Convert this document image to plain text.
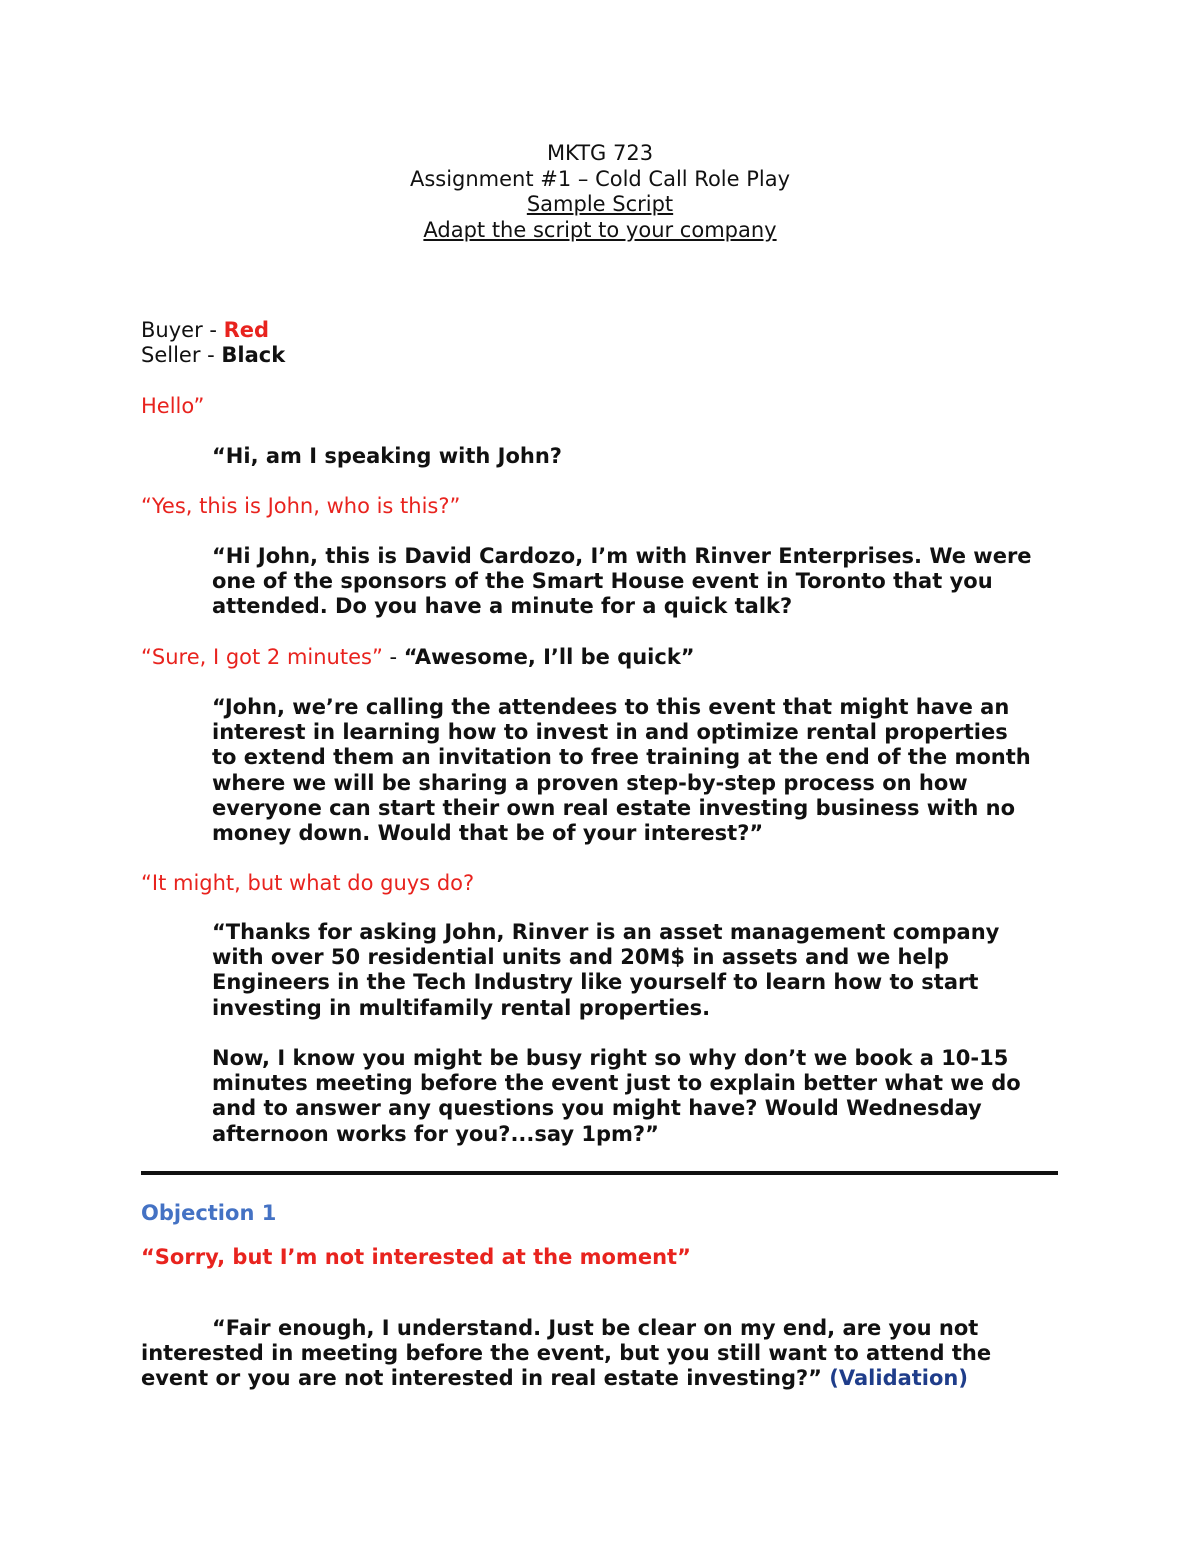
MKTG 723
Assignment #1 – Cold Call Role Play
Sample Script
Adapt the script to your company
Buyer - Red
Seller - Black
Hello”
“Hi, am I speaking with John?
“Yes, this is John, who is this?”
“Hi John, this is David Cardozo, I’m with Rinver Enterprises. We were
one of the sponsors of the Smart House event in Toronto that you
attended. Do you have a minute for a quick talk?
“Sure, I got 2 minutes” - “Awesome, I’ll be quick”
“John, we’re calling the attendees to this event that might have an
interest in learning how to invest in and optimize rental properties
to extend them an invitation to free training at the end of the month
where we will be sharing a proven step-by-step process on how
everyone can start their own real estate investing business with no
money down. Would that be of your interest?”
“It might, but what do guys do?
“Thanks for asking John, Rinver is an asset management company
with over 50 residential units and 20M$ in assets and we help
Engineers in the Tech Industry like yourself to learn how to start
investing in multifamily rental properties.
Now, I know you might be busy right so why don’t we book a 10-15
minutes meeting before the event just to explain better what we do
and to answer any questions you might have? Would Wednesday
afternoon works for you?...say 1pm?”
Objection 1
“Sorry, but I’m not interested at the moment”
“Fair enough, I understand. Just be clear on my end, are you not
interested in meeting before the event, but you still want to attend the
event or you are not interested in real estate investing?” (Validation)
